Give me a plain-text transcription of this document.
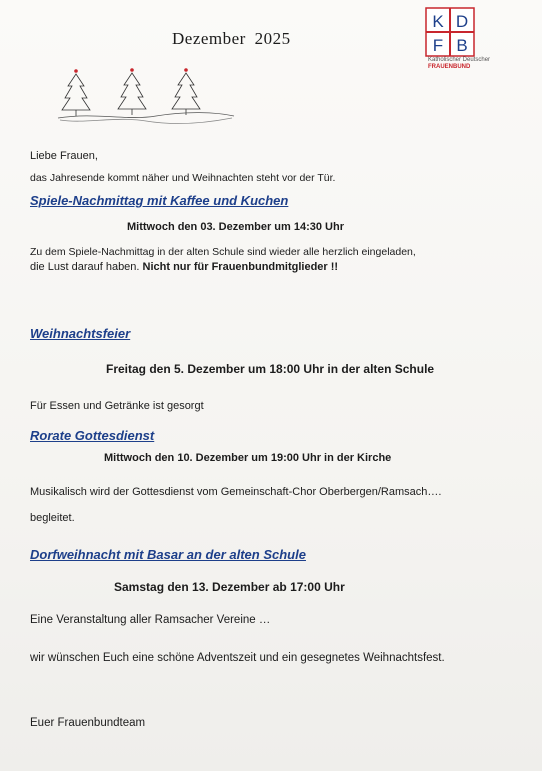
Dezember 2025
K D
F B
Katholischer Deutscher
FRAUENBUND
Liebe Frauen,
das Jahresende kommt näher und Weihnachten steht vor der Tür.
Spiele-Nachmittag mit Kaffee und Kuchen
Mittwoch den 03. Dezember um 14:30 Uhr
Zu dem Spiele-Nachmittag in der alten Schule sind wieder alle herzlich eingeladen,
die Lust darauf haben. Nicht nur für Frauenbundmitglieder !!
Weihnachtsfeier
Freitag den 5. Dezember um 18:00 Uhr in der alten Schule
Für Essen und Getränke ist gesorgt
Rorate Gottesdienst
Mittwoch den 10. Dezember um 19:00 Uhr in der Kirche
Musikalisch wird der Gottesdienst vom Gemeinschaft-Chor Oberbergen/Ramsach….
begleitet.
Dorfweihnacht mit Basar an der alten Schule
Samstag den 13. Dezember ab 17:00 Uhr
Eine Veranstaltung aller Ramsacher Vereine …
wir wünschen Euch eine schöne Adventszeit und ein gesegnetes Weihnachtsfest.
Euer Frauenbundteam
